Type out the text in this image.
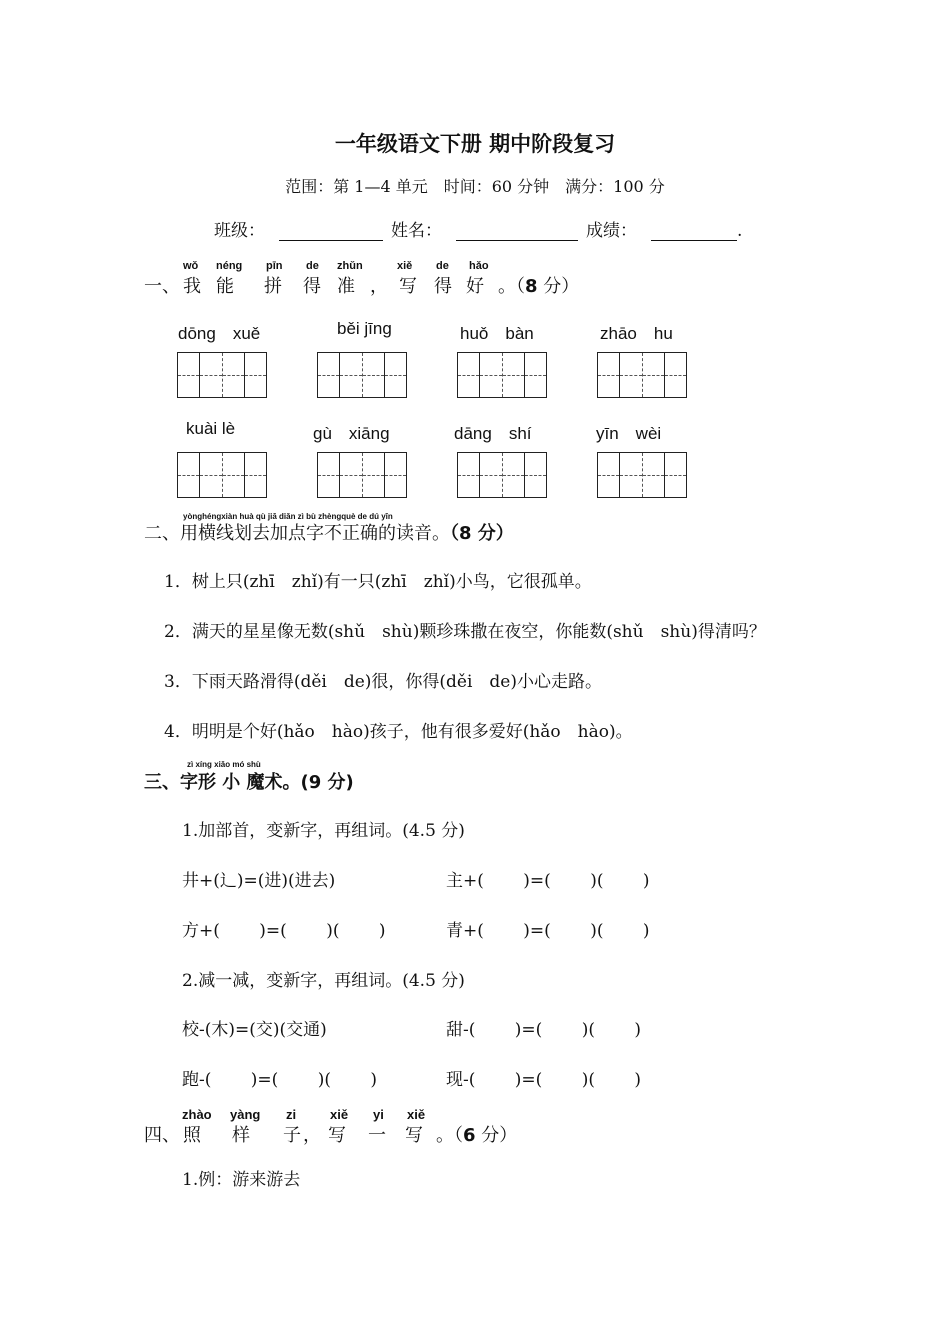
一年级语文下册 期中阶段复习
范围：第 1—4 单元　时间：60 分钟　满分：100 分
班级：	姓名：	成绩：	.
wǒ néng pīn de zhǔn	xiě de hǎo
一、 我 能 拼 得 准 ， 写 得 好 。（8 分）
dōng　xuě	běi jīng	huǒ　bàn	zhāo　hu
kuài lè	gù　xiāng	dāng　shí	yīn　wèi
yònghéngxiàn huà qù jiā diǎn zì bù zhèngquè de dú yīn
二、用横线划去加点字不正确的读音。（8 分）
1．树上只(zhī　zhǐ)有一只(zhī　zhǐ)小鸟，它很孤单。
2．满天的星星像无数(shǔ　shù)颗珍珠撒在夜空，你能数(shǔ　shù)得清吗？
3．下雨天路滑得(děi　de)很，你得(děi　de)小心走路。
4．明明是个好(hǎo　hào)孩子，他有很多爱好(hǎo　hào)。
zì xíng xiǎo mó shù
三、字形 小 魔术。(9 分)
1.加部首，变新字，再组词。(4.5 分)
井+(辶)=(进)(进去)	主+(　　 )=(　　 )(　　 )
方+(　　 )=(　　 )(　　 )	青+(　　 )=(　　 )(　　 )
2.减一减，变新字，再组词。(4.5 分)
校-(木)=(交)(交通)	甜-(　　 )=(　　 )(　　 )
跑-(　　 )=(　　 )(　　 )	现-(　　 )=(　　 )(　　 )
zhào yàng zi	xiě yi xiě
四、 照 样 子 ， 写 一 写 。（6 分）
1.例：游来游去
